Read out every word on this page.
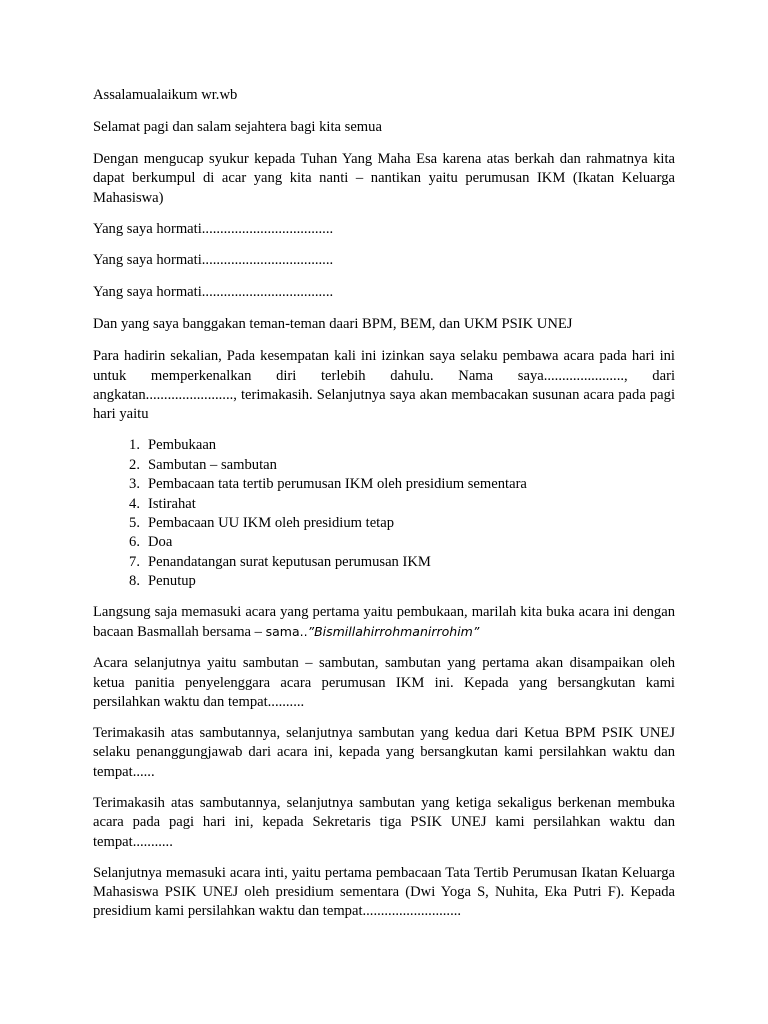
Assalamualaikum wr.wb

Selamat pagi dan salam sejahtera bagi kita semua

Dengan mengucap syukur kepada Tuhan Yang Maha Esa karena atas berkah dan rahmatnya kita dapat berkumpul di acar yang kita nanti – nantikan yaitu perumusan IKM (Ikatan Keluarga Mahasiswa)

Yang saya hormati....................................

Yang saya hormati....................................

Yang saya hormati....................................

Dan yang saya banggakan teman-teman daari BPM, BEM, dan UKM PSIK UNEJ

Para hadirin sekalian, Pada kesempatan kali ini izinkan saya selaku pembawa acara pada hari ini untuk memperkenalkan diri terlebih dahulu. Nama saya......................, dari angkatan........................, terimakasih. Selanjutnya saya akan membacakan susunan acara pada pagi hari yaitu

1. Pembukaan
2. Sambutan – sambutan
3. Pembacaan tata tertib perumusan IKM oleh presidium sementara
4. Istirahat
5. Pembacaan UU IKM oleh presidium tetap
6. Doa
7. Penandatangan surat keputusan perumusan IKM
8. Penutup

Langsung saja memasuki acara yang pertama yaitu pembukaan, marilah kita buka acara ini dengan bacaan Basmallah bersama – sama..”Bismillahirrohmanirrohim”

Acara selanjutnya yaitu sambutan – sambutan, sambutan yang pertama akan disampaikan oleh ketua panitia penyelenggara acara perumusan IKM ini. Kepada yang bersangkutan kami persilahkan waktu dan tempat..........

Terimakasih atas sambutannya, selanjutnya sambutan yang kedua dari Ketua BPM PSIK UNEJ selaku penanggungjawab dari acara ini, kepada yang bersangkutan kami persilahkan waktu dan tempat......

Terimakasih atas sambutannya, selanjutnya sambutan yang ketiga sekaligus berkenan membuka acara pada pagi hari ini, kepada Sekretaris tiga PSIK UNEJ kami persilahkan waktu dan tempat...........

Selanjutnya memasuki acara inti, yaitu pertama pembacaan Tata Tertib Perumusan Ikatan Keluarga Mahasiswa PSIK UNEJ oleh presidium sementara (Dwi Yoga S, Nuhita, Eka Putri F). Kepada presidium kami persilahkan waktu dan tempat...........................
